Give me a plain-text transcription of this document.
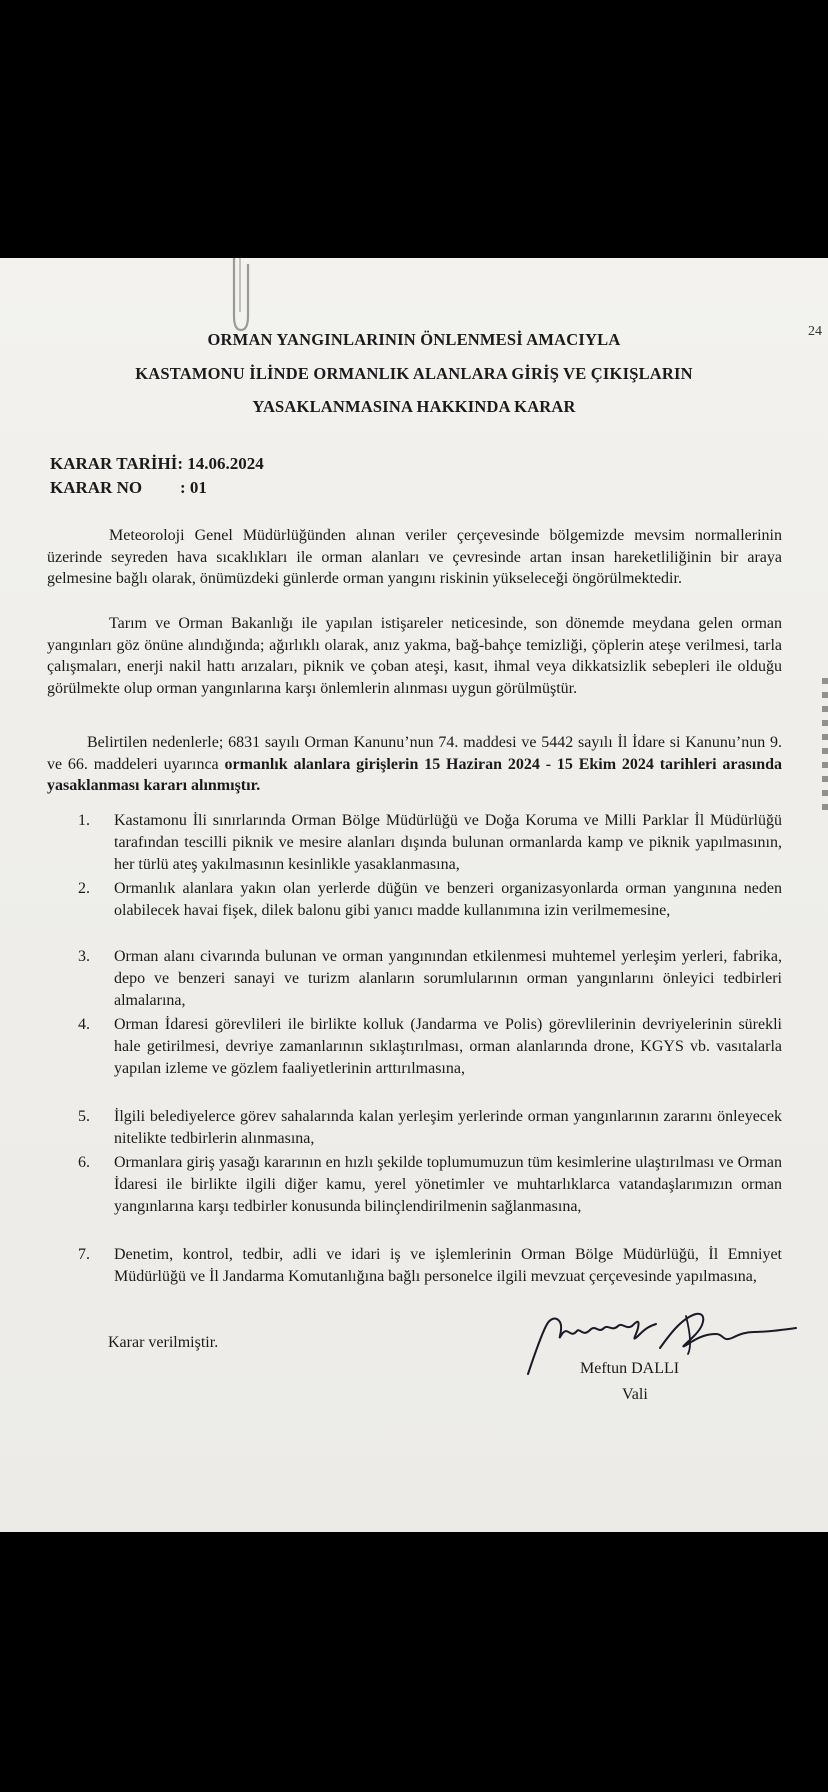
24
ORMAN YANGINLARININ ÖNLENMESİ AMACIYLA
KASTAMONU İLİNDE ORMANLIK ALANLARA GİRİŞ VE ÇIKIŞLARIN
YASAKLANMASINA HAKKINDA KARAR
KARAR TARİHİ: 14.06.2024
KARAR NO : 01
Meteoroloji Genel Müdürlüğünden alınan veriler çerçevesinde bölgemizde mevsim normallerinin üzerinde seyreden hava sıcaklıkları ile orman alanları ve çevresinde artan insan hareketliliğinin bir araya gelmesine bağlı olarak, önümüzdeki günlerde orman yangını riskinin yükseleceği öngörülmektedir.
Tarım ve Orman Bakanlığı ile yapılan istişareler neticesinde, son dönemde meydana gelen orman yangınları göz önüne alındığında; ağırlıklı olarak, anız yakma, bağ-bahçe temizliği, çöplerin ateşe verilmesi, tarla çalışmaları, enerji nakil hattı arızaları, piknik ve çoban ateşi, kasıt, ihmal veya dikkatsizlik sebepleri ile olduğu görülmekte olup orman yangınlarına karşı önlemlerin alınması uygun görülmüştür.
Belirtilen nedenlerle; 6831 sayılı Orman Kanunu’nun 74. maddesi ve 5442 sayılı İl İdare si Kanunu’nun 9. ve 66. maddeleri uyarınca ormanlık alanlara girişlerin 15 Haziran 2024 - 15 Ekim 2024 tarihleri arasında yasaklanması kararı alınmıştır.
1.	Kastamonu İli sınırlarında Orman Bölge Müdürlüğü ve Doğa Koruma ve Milli Parklar İl Müdürlüğü tarafından tescilli piknik ve mesire alanları dışında bulunan ormanlarda kamp ve piknik yapılmasının, her türlü ateş yakılmasının kesinlikle yasaklanmasına,
2.	Ormanlık alanlara yakın olan yerlerde düğün ve benzeri organizasyonlarda orman yangınına neden olabilecek havai fişek, dilek balonu gibi yanıcı madde kullanımına izin verilmemesine,
3.	Orman alanı civarında bulunan ve orman yangınından etkilenmesi muhtemel yerleşim yerleri, fabrika, depo ve benzeri sanayi ve turizm alanların sorumlularının orman yangınlarını önleyici tedbirleri almalarına,
4.	Orman İdaresi görevlileri ile birlikte kolluk (Jandarma ve Polis) görevlilerinin devriyelerinin sürekli hale getirilmesi, devriye zamanlarının sıklaştırılması, orman alanlarında drone, KGYS vb. vasıtalarla yapılan izleme ve gözlem faaliyetlerinin arttırılmasına,
5.	İlgili belediyelerce görev sahalarında kalan yerleşim yerlerinde orman yangınlarının zararını önleyecek nitelikte tedbirlerin alınmasına,
6.	Ormanlara giriş yasağı kararının en hızlı şekilde toplumumuzun tüm kesimlerine ulaştırılması ve Orman İdaresi ile birlikte ilgili diğer kamu, yerel yönetimler ve muhtarlıklarca vatandaşlarımızın orman yangınlarına karşı tedbirler konusunda bilinçlendirilmenin sağlanmasına,
7.	Denetim, kontrol, tedbir, adli ve idari iş ve işlemlerinin Orman Bölge Müdürlüğü, İl Emniyet Müdürlüğü ve İl Jandarma Komutanlığına bağlı personelce ilgili mevzuat çerçevesinde yapılmasına,
Karar verilmiştir.
Meftun DALLI
Vali
